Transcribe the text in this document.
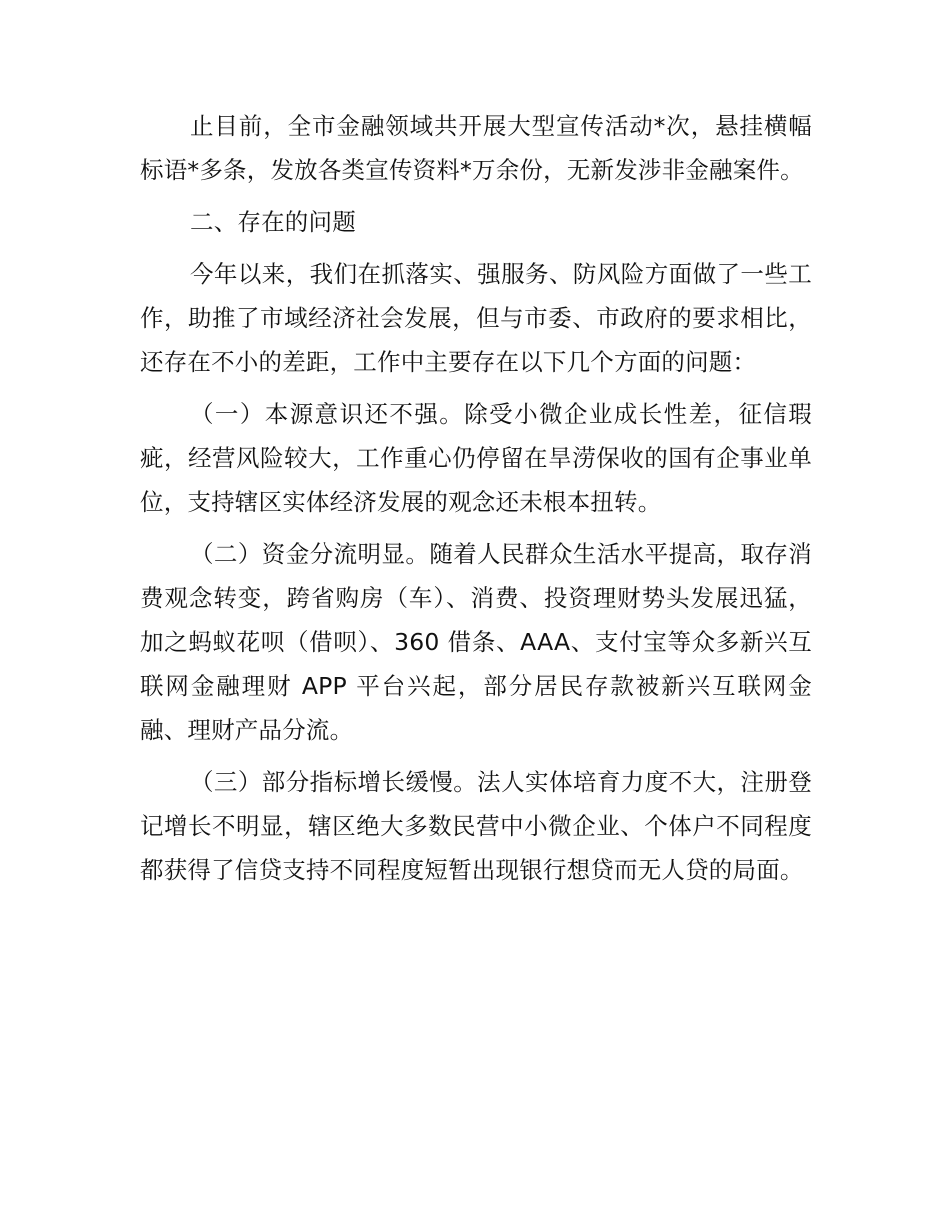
止目前，全市金融领域共开展大型宣传活动*次，悬挂横幅标语*多条，发放各类宣传资料*万余份，无新发涉非金融案件。

二、存在的问题

今年以来，我们在抓落实、强服务、防风险方面做了一些工作，助推了市域经济社会发展，但与市委、市政府的要求相比，还存在不小的差距，工作中主要存在以下几个方面的问题：

（一）本源意识还不强。除受小微企业成长性差，征信瑕疵，经营风险较大，工作重心仍停留在旱涝保收的国有企事业单位，支持辖区实体经济发展的观念还未根本扭转。

（二）资金分流明显。随着人民群众生活水平提高，取存消费观念转变，跨省购房（车）、消费、投资理财势头发展迅猛，加之蚂蚁花呗（借呗）、360 借条、AAA、支付宝等众多新兴互联网金融理财 APP 平台兴起，部分居民存款被新兴互联网金融、理财产品分流。

（三）部分指标增长缓慢。法人实体培育力度不大，注册登记增长不明显，辖区绝大多数民营中小微企业、个体户不同程度都获得了信贷支持不同程度短暂出现银行想贷而无人贷的局面。
